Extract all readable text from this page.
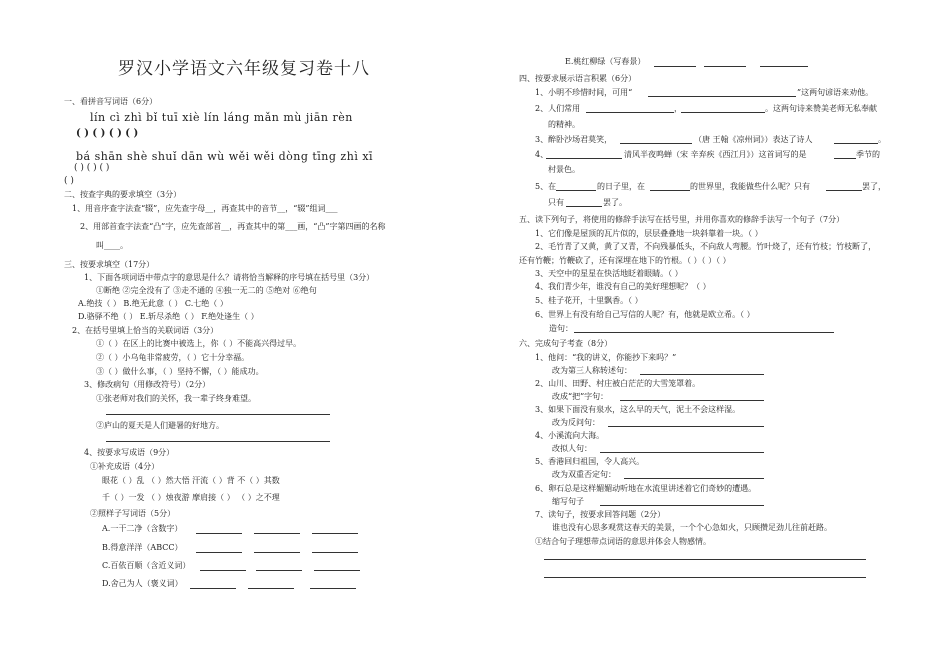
罗汉小学语文六年级复习卷十八
一、看拼音写词语（6分）
lín cì zhì bǐ tuī xiè lín láng mǎn mù jiān rèn
( ) ( ) ( ) ( )
bá shān shè shuǐ dān wù wěi wěi dòng tīng zhì xī
( ) ( ) ( )
( )
二、按查字典的要求填空（3分）
1、用音序查字法查“辍”，应先查字母__，再查其中的音节__，“辍”组词___
2、用部首查字法查“凸”字，应先查部首__，再查其中的第___画，“凸”字第四画的名称
叫____。
三、按要求填空（17分）
1、下面各项词语中带点字的意思是什么？请将恰当解释的序号填在括号里（3分）
①断绝 ②完全没有了 ③走不通的 ④独一无二的 ⑤绝对 ⑥绝句
A.绝技（ ） B.绝无此意（ ） C.七绝（ ）
D.骆驿不绝（ ） E.斩尽杀绝（ ） F.绝处逢生（ ）
2、在括号里填上恰当的关联词语（3分）
①（ ）在区上的比赛中被选上，你（ ）不能高兴得过早。
②（ ）小乌龟非常疲劳，（ ）它十分幸福。
③（ ）做什么事，（ ）坚持不懈，（ ）能成功。
3、修改病句（用修改符号）（2分）
①张老师对我们的关怀，我一辈子终身难望。
②庐山的夏天是人们避暑的好地方。
4、按要求写成语（9分）
①补充成语（4分）
眼花（ ）乱 （ ）然大悟 汗流（ ）背 不（ ）其数
千（ ）一发 （ ）烛夜游 摩肩接（ ） （ ）之不理
②照样子写词语（5分）
A.一干二净（含数字）
B.得意洋洋（ABCC）
C.百依百顺（含近义词）
D.舍己为人（褒义词）
E.桃红柳绿（写春景）
四、按要求展示语言积累（6分）
1、小明不珍惜时间，可用“	”这两句谚语来劝他。
2、人们常用	，	。这两句诗来赞美老师无私奉献
的精神。
3、醉卧沙场君莫笑，	（唐 王翰《凉州词》）表达了诗人	。
4、	清风半夜鸣蝉（宋 辛弃疾《西江月》）这首词写的是	季节的
村景色。
5、在	的日子里，在	的世界里，我能做些什么呢？只有	罢了，
只有	罢了。
五、读下列句子，将使用的修辞手法写在括号里，并用你喜欢的修辞手法写一个句子（7分）
1、它们像是屋顶的瓦片似的，层层叠叠地一块斜靠着一块。（ ）
2、毛竹青了又黄，黄了又青，不向残暴低头，不向敌人弯腰。竹叶烧了，还有竹枝；竹枝断了，
还有竹鞭；竹鞭砍了，还有深埋在地下的竹根。（ ）（ ）（ ）
3、天空中的星星在快活地眨着眼睛。（ ）
4、我们青少年，谁没有自己的美好理想呢？（ ）
5、桂子花开，十里飘香。（ ）
6、世界上有没有给自己写信的人呢？有，他就是欧立希。（ ）
造句：
六、完成句子考查（8分）
1、他问：“我的讲义，你能抄下来吗？”
改为第三人称转述句：
2、山川、田野、村庄被白茫茫的大雪笼罩着。
改成“把”字句：
3、如果下面没有泉水，这么早的天气，泥土不会这样湿。
改为反问句：
4、小溪流向大海。
改拟人句：
5、香港回归祖国，令人高兴。
改为双重否定句：
6、卵石总是这样媚媚动听地在水流里讲述着它们奇妙的遭遇。
缩写句子
7、读句子，按要求回答问题（2分）
谁也没有心思多观赏这春天的美景，一个个心急如火，只顾攒足劲儿往前赶路。
①结合句子理想带点词语的意思并体会人物感情。
